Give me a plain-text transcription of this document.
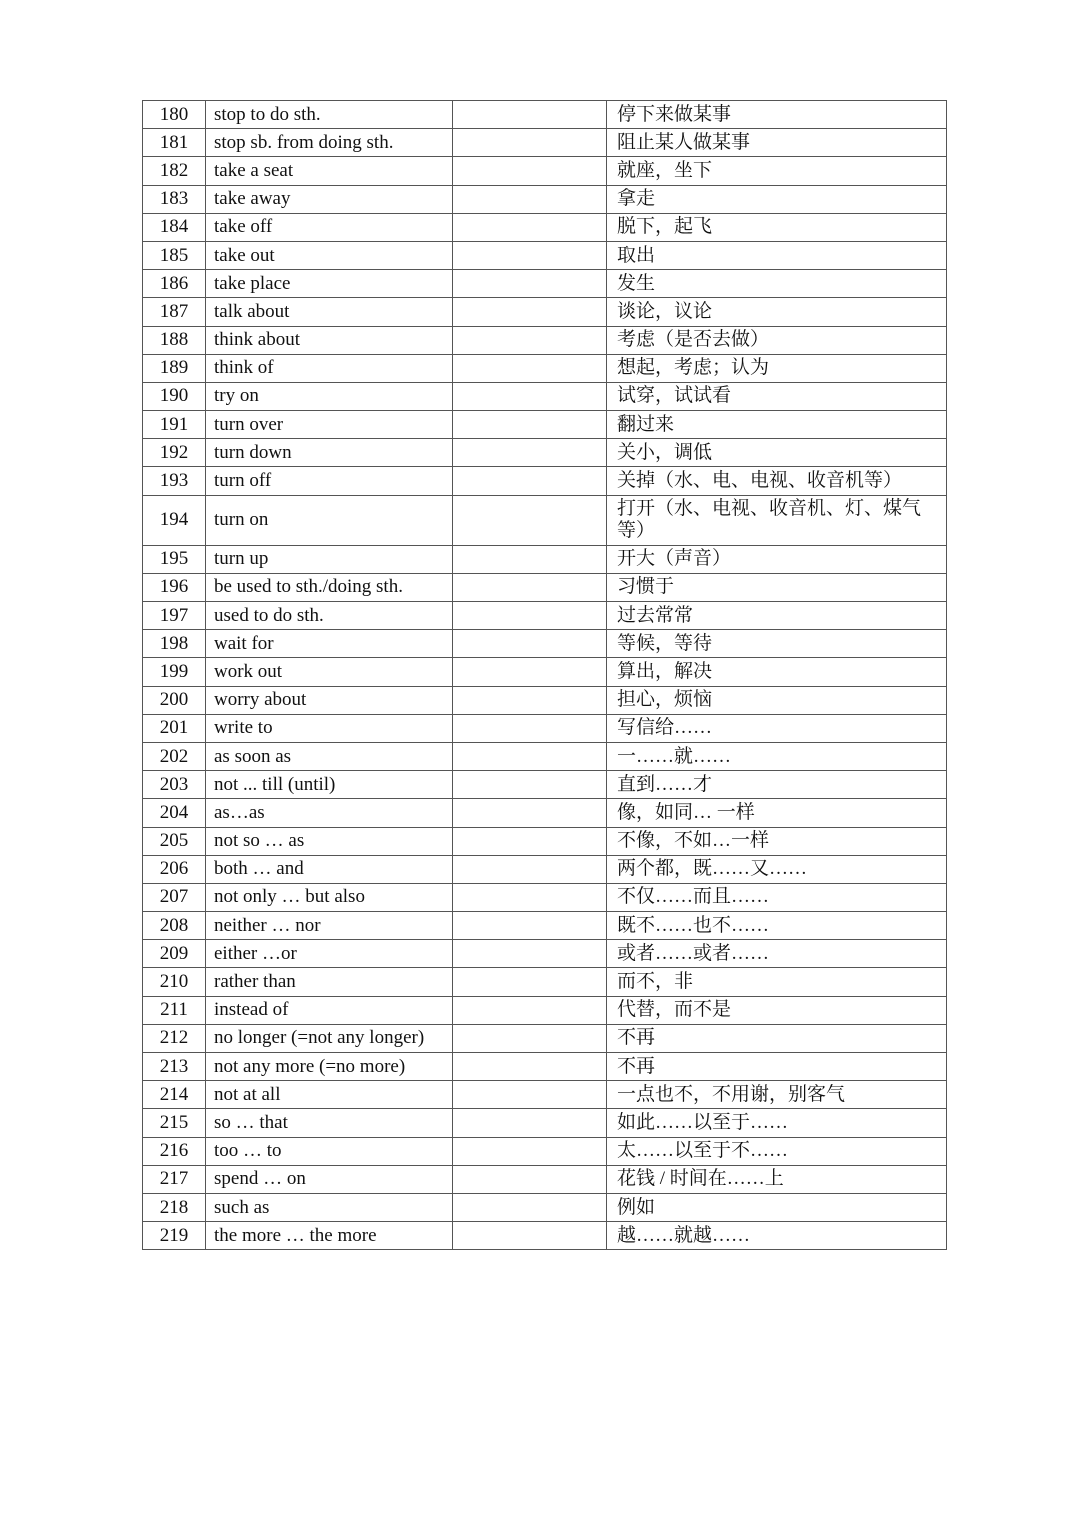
180	stop to do sth.		停下来做某事
181	stop sb. from doing sth.		阻止某人做某事
182	take a seat		就座，坐下
183	take away		拿走
184	take off		脱下，起飞
185	take out		取出
186	take place		发生
187	talk about		谈论，议论
188	think about		考虑（是否去做）
189	think of		想起，考虑；认为
190	try on		试穿，试试看
191	turn over		翻过来
192	turn down		关小，调低
193	turn off		关掉（水、电、电视、收音机等）
194	turn on		打开（水、电视、收音机、灯、煤气等）
195	turn up		开大（声音）
196	be used to sth./doing sth.		习惯于
197	used to do sth.		过去常常
198	wait for		等候，等待
199	work out		算出，解决
200	worry about		担心，烦恼
201	write to		写信给……
202	as soon as		一……就……
203	not ... till (until)		直到……才
204	as…as		像，如同… 一样
205	not so … as		不像，不如…一样
206	both … and		两个都，既……又……
207	not only … but also		不仅……而且……
208	neither … nor		既不……也不……
209	either …or		或者……或者……
210	rather than		而不，非
211	instead of		代替，而不是
212	no longer (=not any longer)		不再
213	not any more (=no more)		不再
214	not at all		一点也不，不用谢，别客气
215	so … that		如此……以至于……
216	too … to		太……以至于不……
217	spend … on		花钱 / 时间在……上
218	such as		例如
219	the more … the more		越……就越……
